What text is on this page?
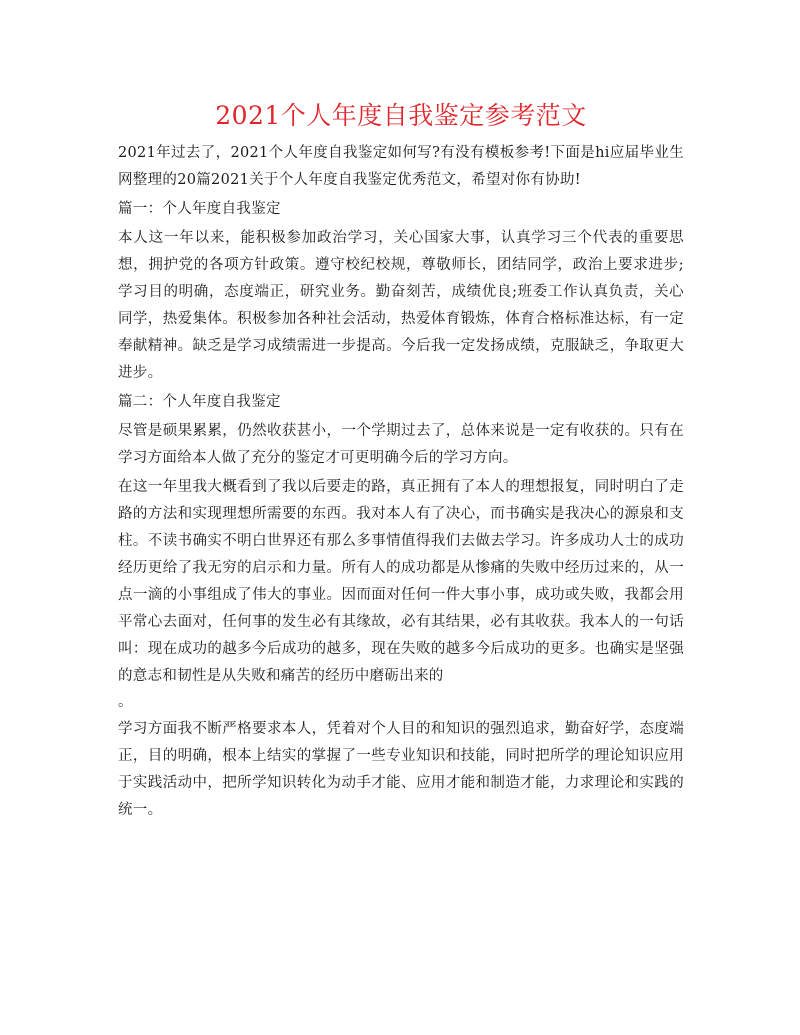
2021个人年度自我鉴定参考范文

2021年过去了，2021个人年度自我鉴定如何写?有没有模板参考!下面是hi应届毕业生网整理的20篇2021关于个人年度自我鉴定优秀范文，希望对你有协助!

篇一：个人年度自我鉴定

本人这一年以来，能积极参加政治学习，关心国家大事，认真学习三个代表的重要思想，拥护党的各项方针政策。遵守校纪校规，尊敬师长，团结同学，政治上要求进步;学习目的明确，态度端正，研究业务。勤奋刻苦，成绩优良;班委工作认真负责，关心同学，热爱集体。积极参加各种社会活动，热爱体育锻炼，体育合格标准达标，有一定奉献精神。缺乏是学习成绩需进一步提高。今后我一定发扬成绩，克服缺乏，争取更大进步。

篇二：个人年度自我鉴定

尽管是硕果累累，仍然收获甚小，一个学期过去了，总体来说是一定有收获的。只有在学习方面给本人做了充分的鉴定才可更明确今后的学习方向。

在这一年里我大概看到了我以后要走的路，真正拥有了本人的理想报复，同时明白了走路的方法和实现理想所需要的东西。我对本人有了决心，而书确实是我决心的源泉和支柱。不读书确实不明白世界还有那么多事情值得我们去做去学习。许多成功人士的成功经历更给了我无穷的启示和力量。所有人的成功都是从惨痛的失败中经历过来的，从一点一滴的小事组成了伟大的事业。因而面对任何一件大事小事，成功或失败，我都会用平常心去面对，任何事的发生必有其缘故，必有其结果，必有其收获。我本人的一句话叫：现在成功的越多今后成功的越多，现在失败的越多今后成功的更多。也确实是坚强的意志和韧性是从失败和痛苦的经历中磨砺出来的

。

学习方面我不断严格要求本人，凭着对个人目的和知识的强烈追求，勤奋好学，态度端正，目的明确，根本上结实的掌握了一些专业知识和技能，同时把所学的理论知识应用于实践活动中，把所学知识转化为动手才能、应用才能和制造才能，力求理论和实践的统一。
